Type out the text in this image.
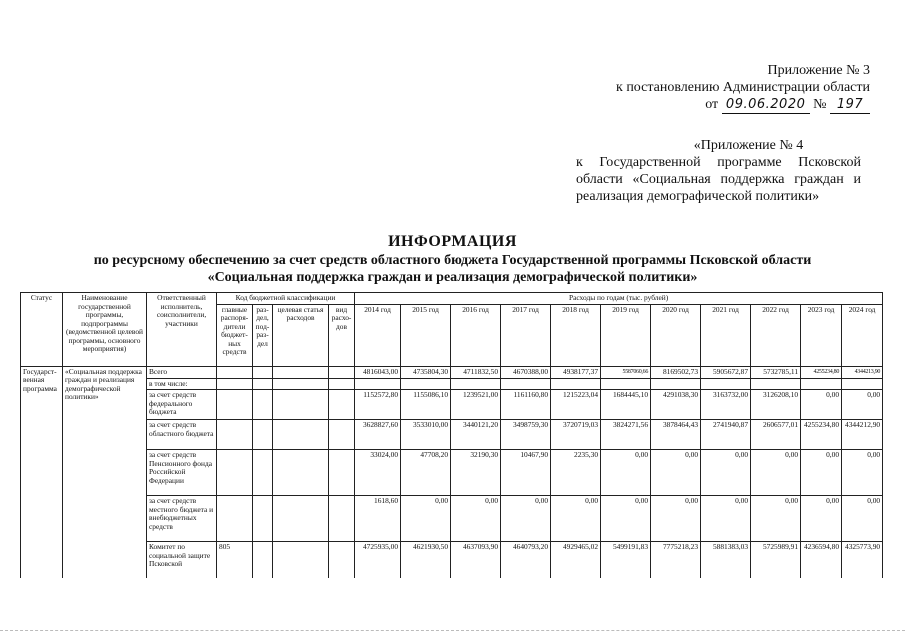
Приложение № 3
к постановлению Администрации области
от 09.06.2020 № 197
«Приложение № 4
к Государственной программе Псковской области «Социальная поддержка граждан и реализация демографической политики»
ИНФОРМАЦИЯ
по ресурсному обеспечению за счет средств областного бюджета Государственной программы Псковской области
«Социальная поддержка граждан и реализация демографической политики»
Статус	Наименование государственной программы, подпрограммы (ведомственной целевой программы, основного мероприятия)	Ответственный исполнитель, соисполнители, участники	Код бюджетной классификации				Расходы по годам (тыс. рублей)										
			главные распоря-дители бюджет-ных средств	раз-дел, под-раз-дел	целевая статья расходов	вид расхо-дов	2014 год	2015 год	2016 год	2017 год	2018 год	2019 год	2020 год	2021 год	2022 год	2023 год	2024 год
Государст-венная программа	«Социальная поддержка граждан и реализация демографической политики»	Всего					4816043,00	4735804,30	4711832,50	4670388,00	4938177,37	5587060,66	8169502,73	5905672,87	5732785,11	4255234,80	4344213,90
		в том числе:															
		за счет средств федерального бюджета					1152572,80	1155086,10	1239521,00	1161160,80	1215223,04	1684445,10	4291038,30	3163732,00	3126208,10	0,00	0,00
		за счет средств областного бюджета					3628827,60	3533010,00	3440121,20	3498759,30	3720719,03	3824271,56	3878464,43	2741940,87	2606577,01	4255234,80	4344212,90
		за счет средств Пенсионного фонда Российской Федерации					33024,00	47708,20	32190,30	10467,90	2235,30	0,00	0,00	0,00	0,00	0,00	0,00
		за счет средств местного бюджета и внебюджетных средств					1618,60	0,00	0,00	0,00	0,00	0,00	0,00	0,00	0,00	0,00	0,00
		Комитет по социальной защите Псковской	805				4725935,00	4621930,50	4637093,90	4640793,20	4929465,02	5499191,83	7775218,23	5881383,03	5725989,91	4236594,80	4325773,90
